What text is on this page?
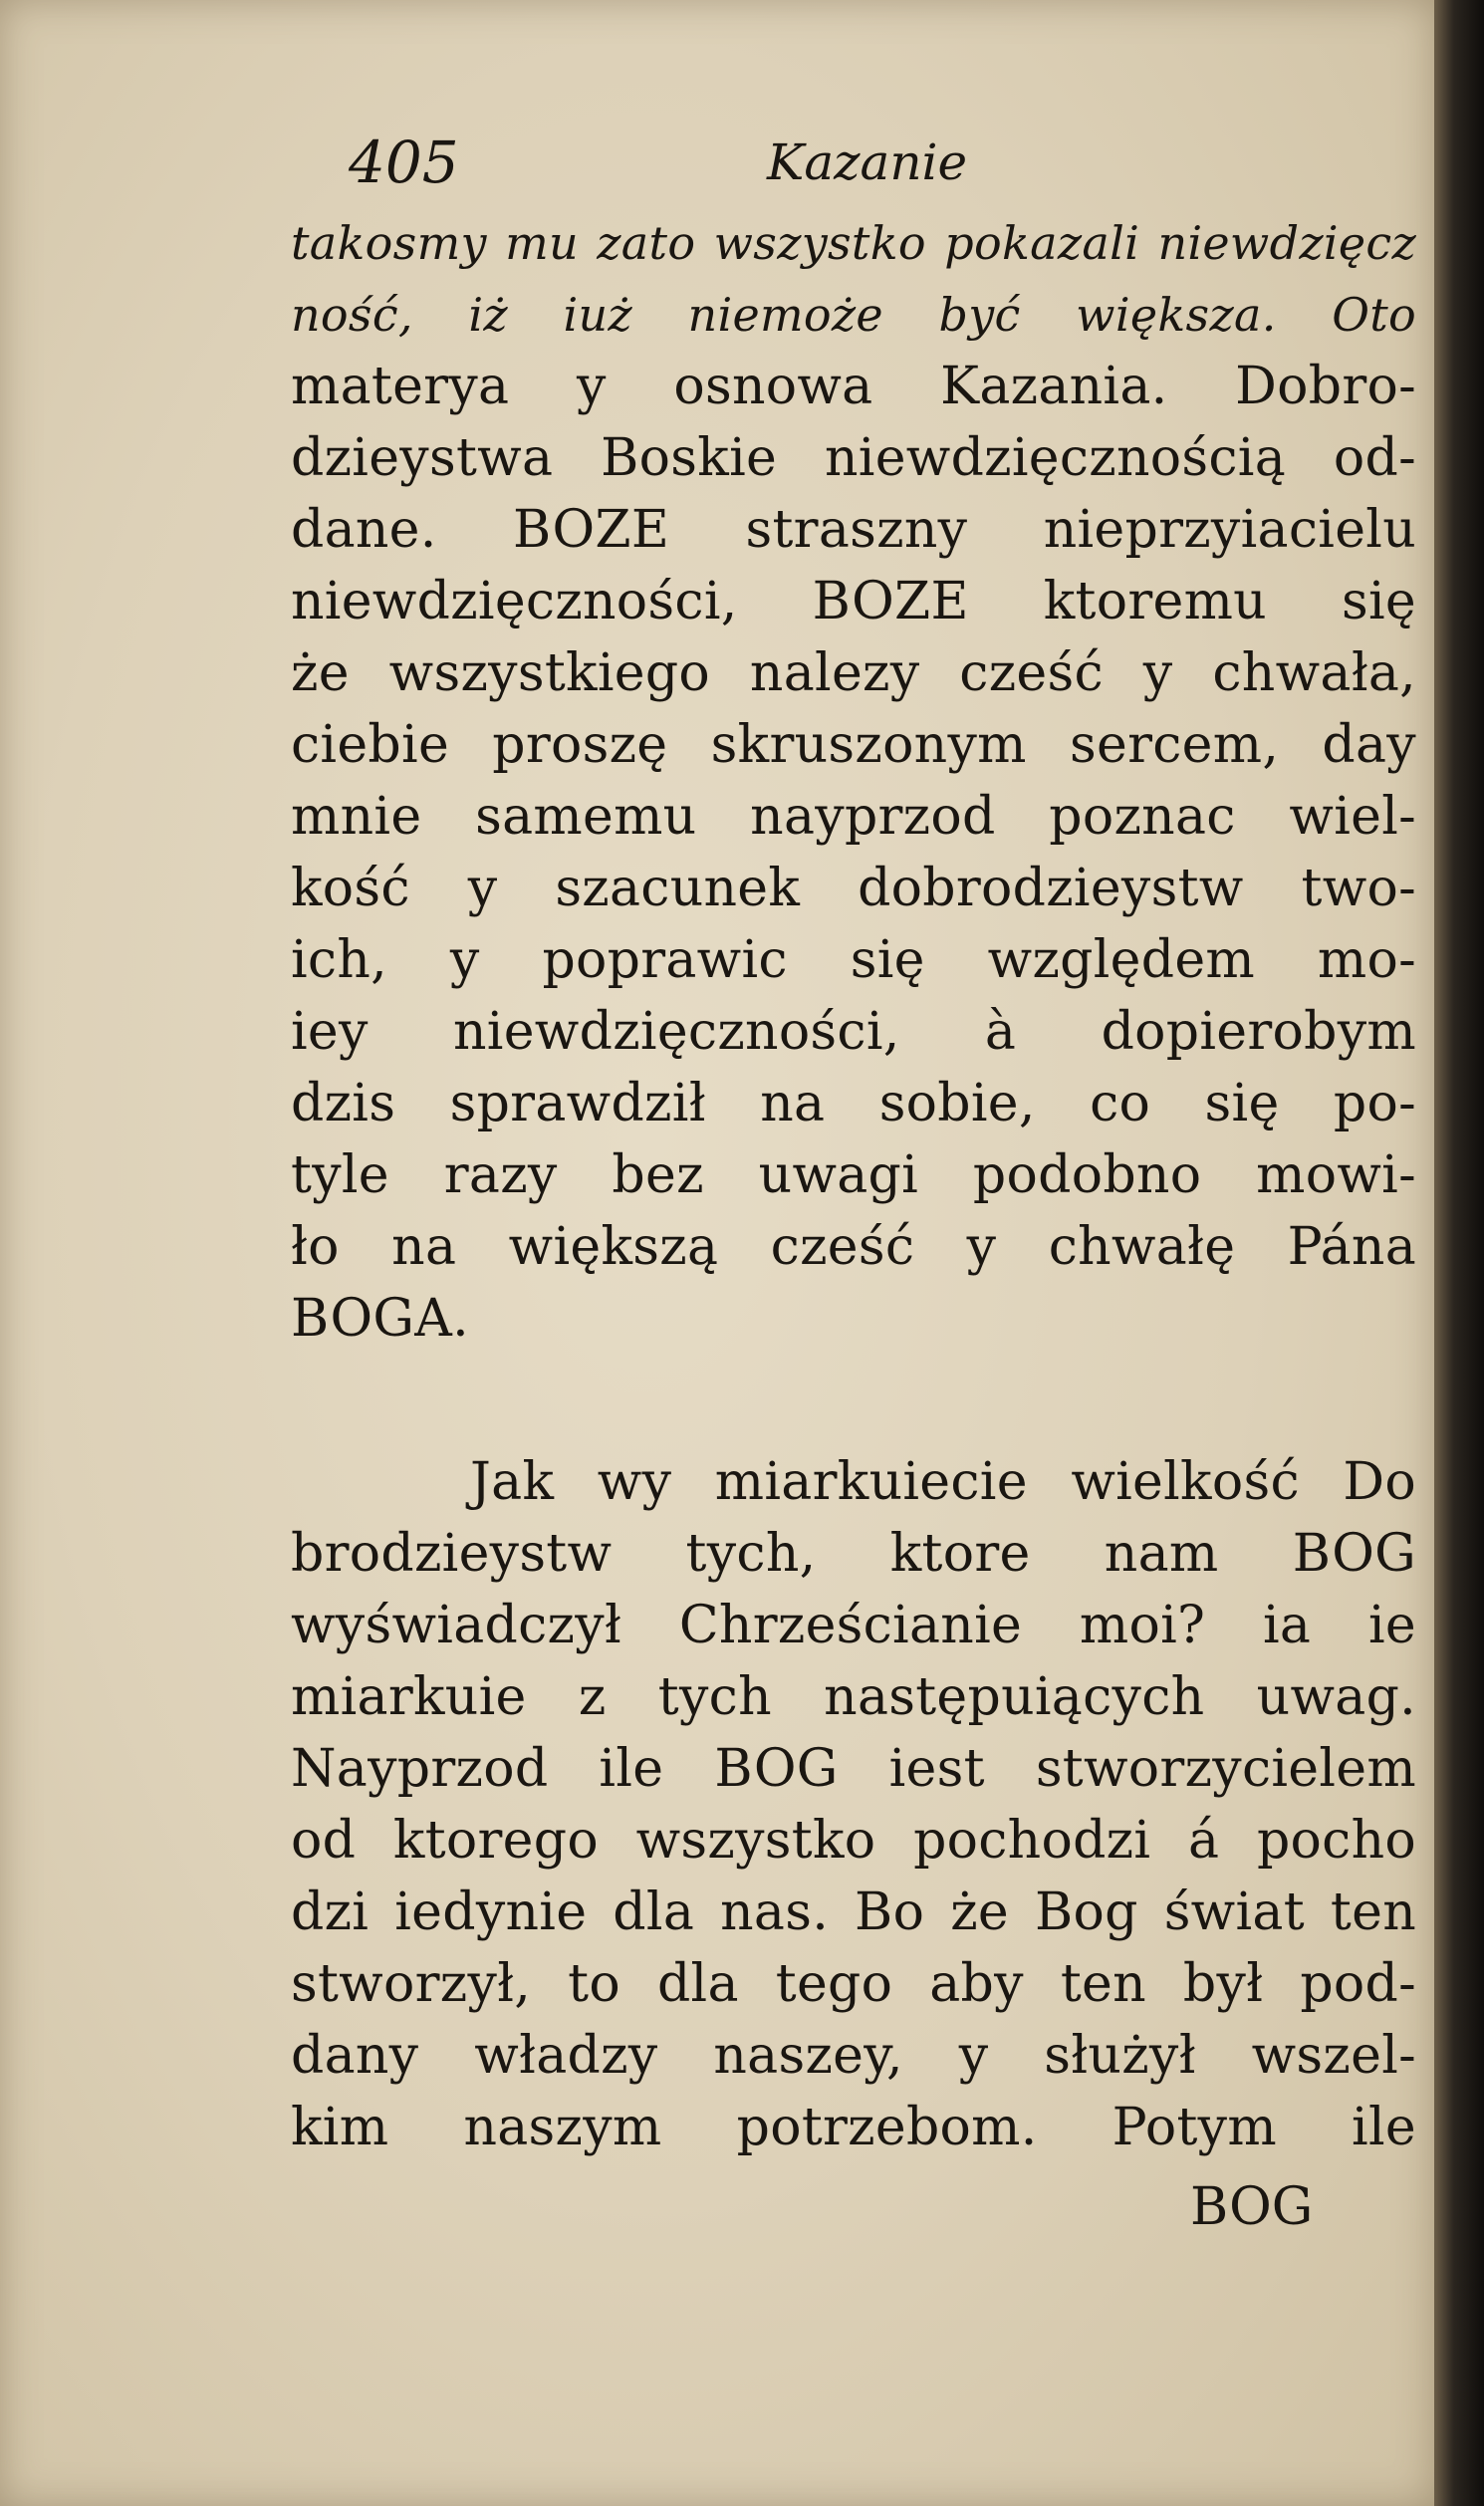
405	Kazanie
takosmy mu zato wszystko pokazali niewdzięcz
ność, iż iuż niemoże być większa. Oto
materya y osnowa Kazania. Dobro-
dzieystwa Boskie niewdzięcznością od-
dane. BOZE straszny nieprzyiacielu
niewdzięczności, BOZE ktoremu się
że wszystkiego nalezy cześć y chwała,
ciebie proszę skruszonym sercem, day
mnie samemu nayprzod poznac wiel-
kość y szacunek dobrodzieystw two-
ich, y poprawic się względem mo-
iey niewdzięczności, à dopierobym
dzis sprawdził na sobie, co się po-
tyle razy bez uwagi podobno mowi-
ło na większą cześć y chwałę Pána
BOGA.
Jak wy miarkuiecie wielkość Do
brodzieystw tych, ktore nam BOG
wyświadczył Chrześcianie moi? ia ie
miarkuie z tych następuiących uwag.
Nayprzod ile BOG iest stworzycielem
od ktorego wszystko pochodzi á pocho
dzi iedynie dla nas. Bo że Bog świat ten
stworzył, to dla tego aby ten był pod-
dany władzy naszey, y służył wszel-
kim naszym potrzebom. Potym ile
BOG
